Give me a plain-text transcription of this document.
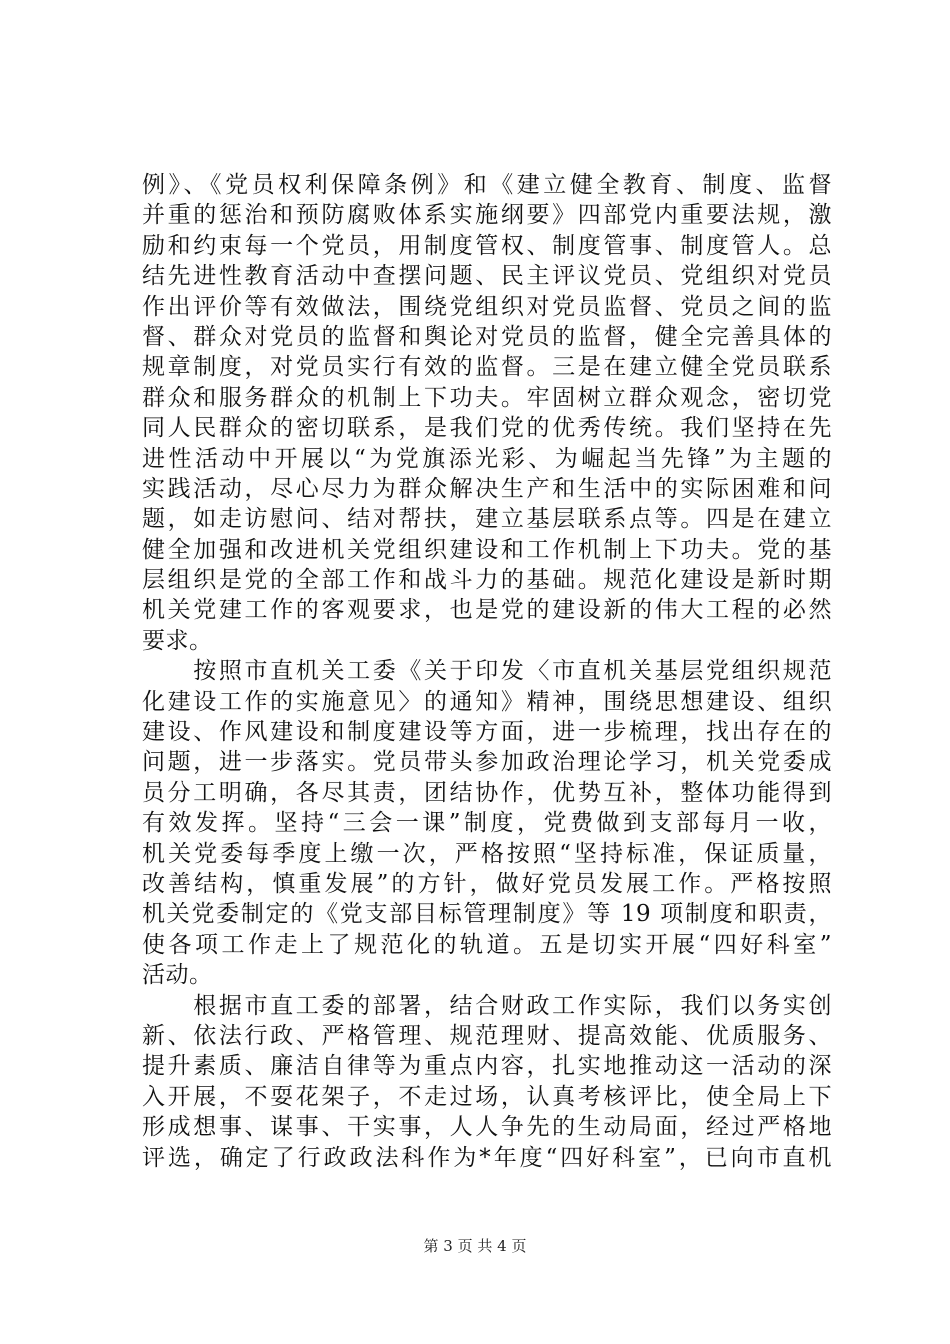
例》、《党员权利保障条例》和《建立健全教育、制度、监督
并重的惩治和预防腐败体系实施纲要》四部党内重要法规，激
励和约束每一个党员，用制度管权、制度管事、制度管人。总
结先进性教育活动中查摆问题、民主评议党员、党组织对党员
作出评价等有效做法，围绕党组织对党员监督、党员之间的监
督、群众对党员的监督和舆论对党员的监督，健全完善具体的
规章制度，对党员实行有效的监督。三是在建立健全党员联系
群众和服务群众的机制上下功夫。牢固树立群众观念，密切党
同人民群众的密切联系，是我们党的优秀传统。我们坚持在先
进性活动中开展以“为党旗添光彩、为崛起当先锋”为主题的
实践活动，尽心尽力为群众解决生产和生活中的实际困难和问
题，如走访慰问、结对帮扶，建立基层联系点等。四是在建立
健全加强和改进机关党组织建设和工作机制上下功夫。党的基
层组织是党的全部工作和战斗力的基础。规范化建设是新时期
机关党建工作的客观要求，也是党的建设新的伟大工程的必然
要求。
　　按照市直机关工委《关于印发〈市直机关基层党组织规范
化建设工作的实施意见〉的通知》精神，围绕思想建设、组织
建设、作风建设和制度建设等方面，进一步梳理，找出存在的
问题，进一步落实。党员带头参加政治理论学习，机关党委成
员分工明确，各尽其责，团结协作，优势互补，整体功能得到
有效发挥。坚持“三会一课”制度，党费做到支部每月一收，
机关党委每季度上缴一次，严格按照“坚持标准，保证质量，
改善结构，慎重发展”的方针，做好党员发展工作。严格按照
机关党委制定的《党支部目标管理制度》等 19 项制度和职责，
使各项工作走上了规范化的轨道。五是切实开展“四好科室”
活动。
　　根据市直工委的部署，结合财政工作实际，我们以务实创
新、依法行政、严格管理、规范理财、提高效能、优质服务、
提升素质、廉洁自律等为重点内容，扎实地推动这一活动的深
入开展，不耍花架子，不走过场，认真考核评比，使全局上下
形成想事、谋事、干实事，人人争先的生动局面，经过严格地
评选，确定了行政政法科作为*年度“四好科室”，已向市直机
第 3 页 共 4 页
